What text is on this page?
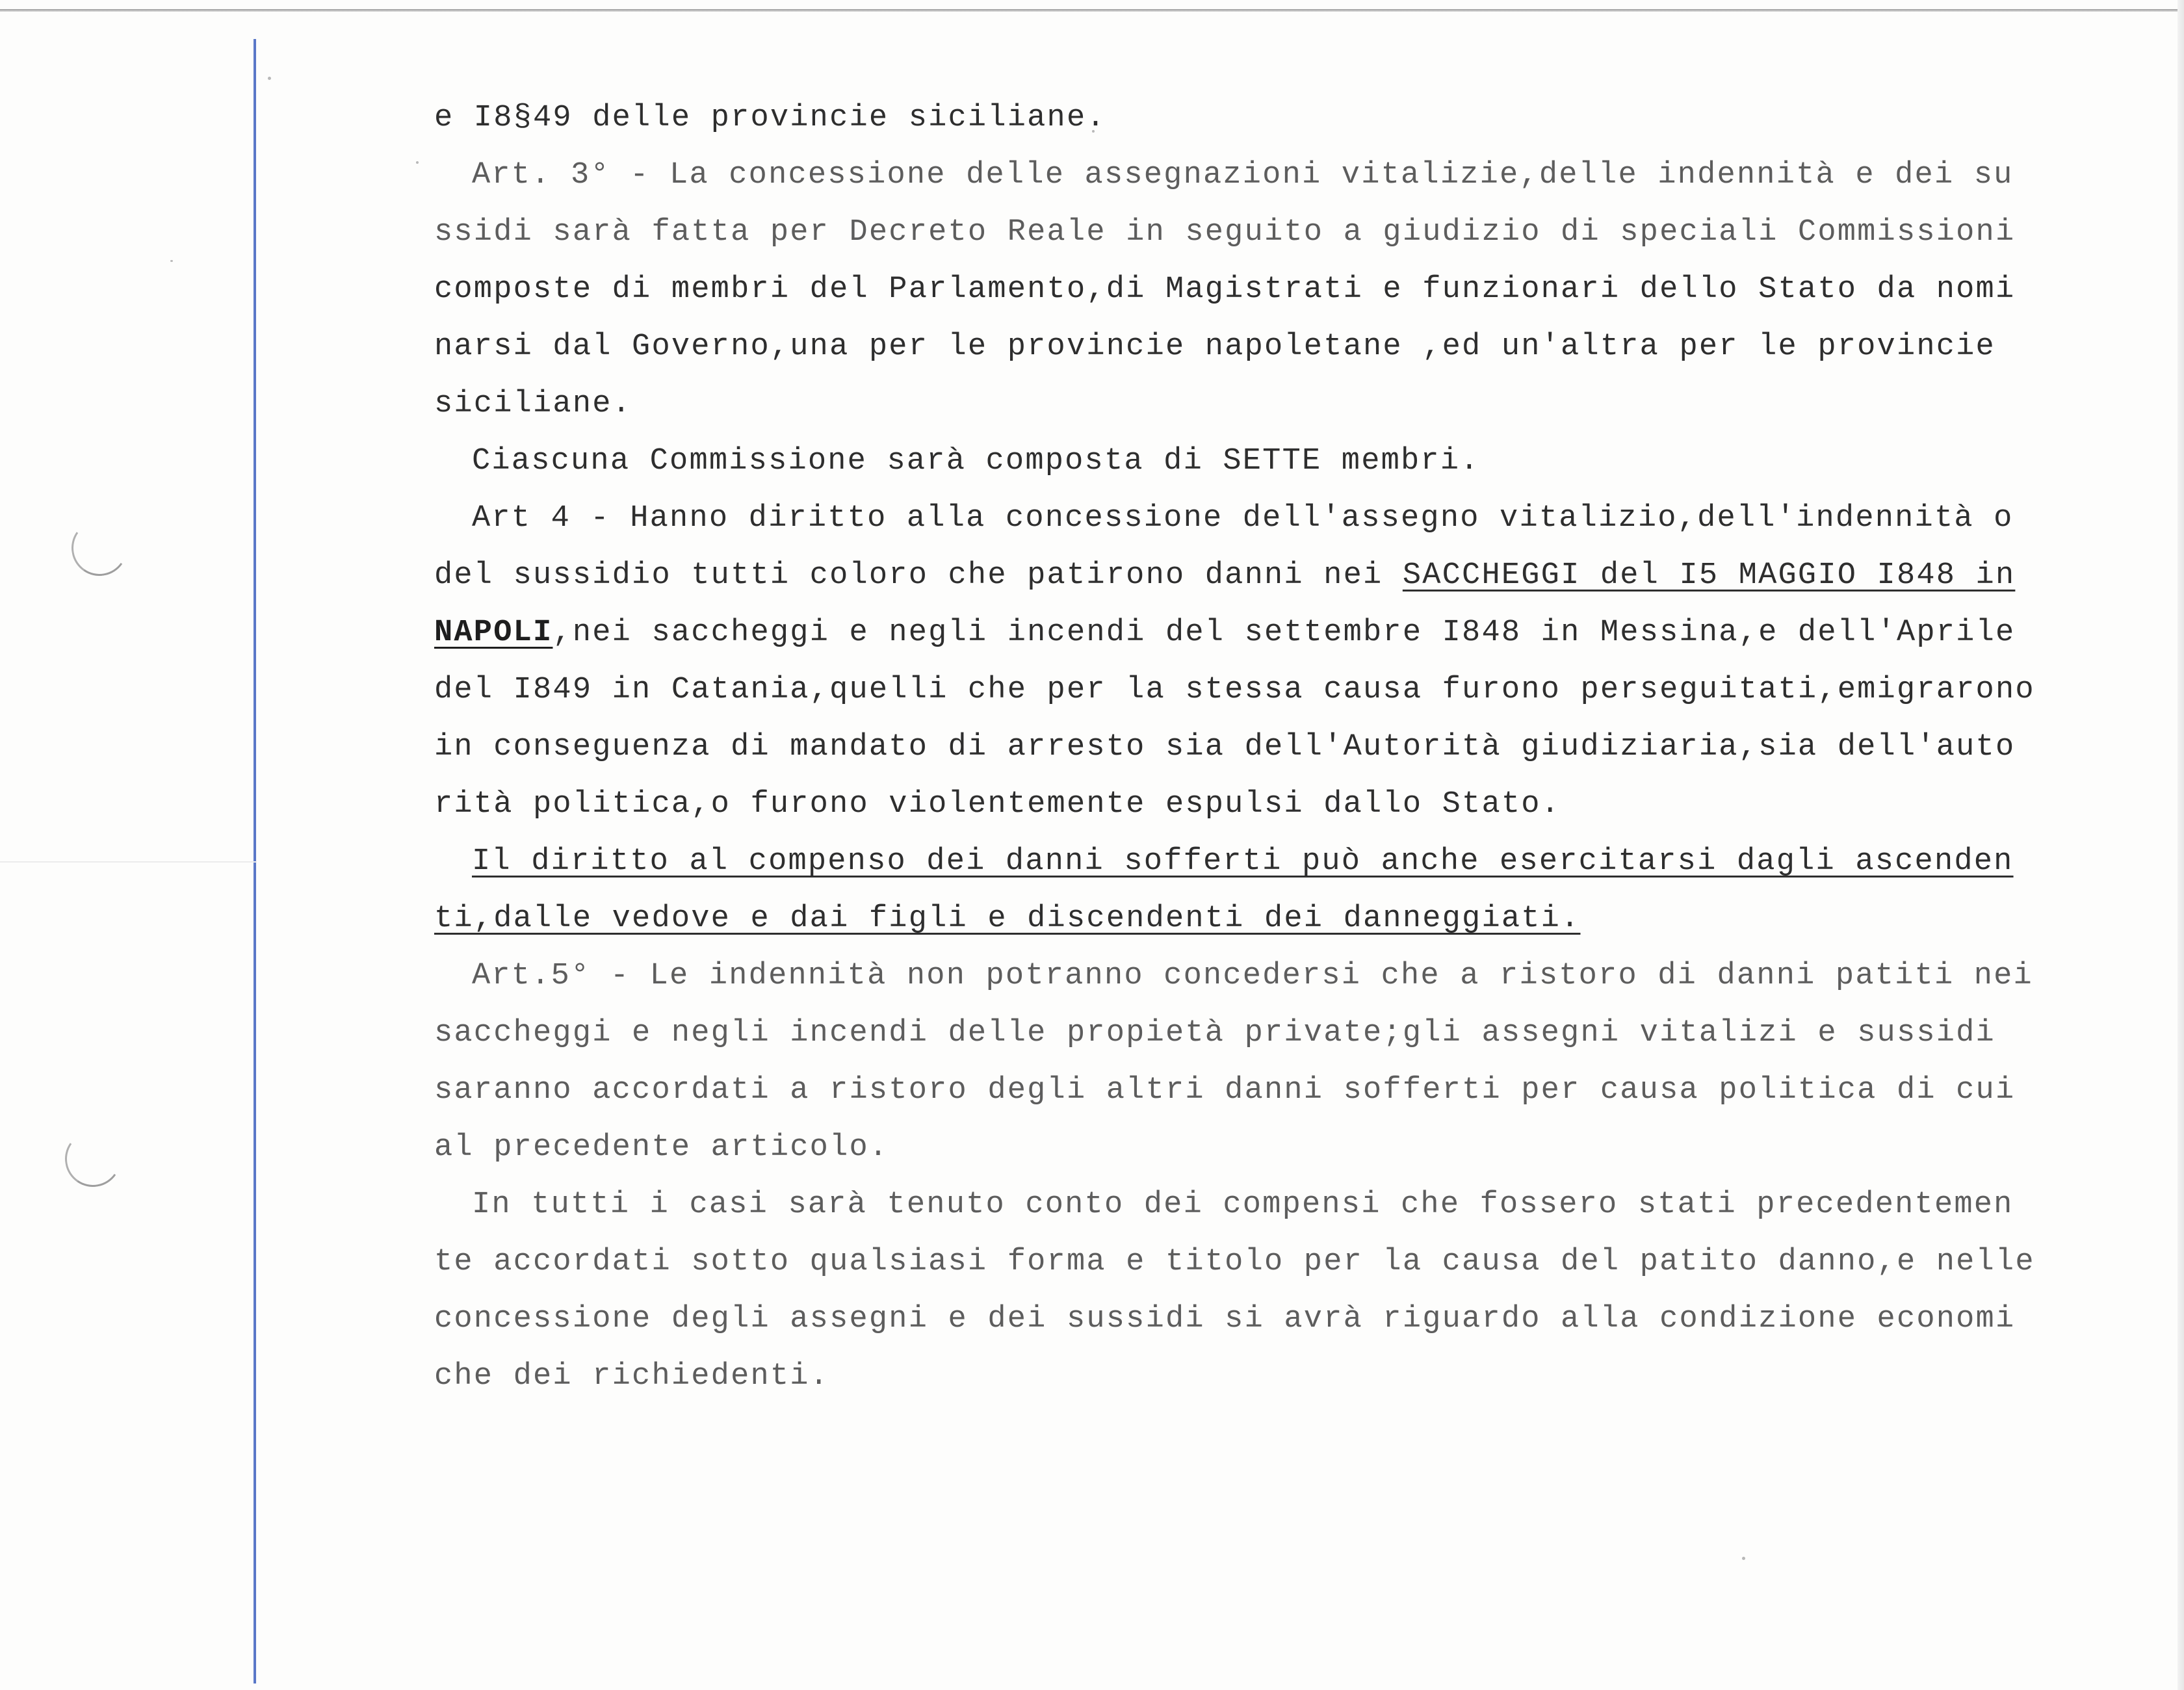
e I8§49 delle provincie siciliane.
Art. 3° - La concessione delle assegnazioni vitalizie,delle indennità e dei su
ssidi sarà fatta per Decreto Reale in seguito a giudizio di speciali Commissioni
composte di membri del Parlamento,di Magistrati e funzionari dello Stato da nomi
narsi dal Governo,una per le provincie napoletane ,ed un'altra per le provincie
siciliane.
Ciascuna Commissione sarà composta di SETTE membri.
Art 4 - Hanno diritto alla concessione dell'assegno vitalizio,dell'indennità o
del sussidio tutti coloro che patirono danni nei SACCHEGGI del I5 MAGGIO I848 in
NAPOLI,nei saccheggi e negli incendi del settembre I848 in Messina,e dell'Aprile
del I849 in Catania,quelli che per la stessa causa furono perseguitati,emigrarono
in conseguenza di mandato di arresto sia dell'Autorità giudiziaria,sia dell'auto
rità politica,o furono violentemente espulsi dallo Stato.
Il diritto al compenso dei danni sofferti può anche esercitarsi dagli ascenden
ti,dalle vedove e dai figli e discendenti dei danneggiati.
Art.5° - Le indennità non potranno concedersi che a ristoro di danni patiti nei
saccheggi e negli incendi delle propietà private;gli assegni vitalizi e sussidi
saranno accordati a ristoro degli altri danni sofferti per causa politica di cui
al precedente articolo.
In tutti i casi sarà tenuto conto dei compensi che fossero stati precedentemen
te accordati sotto qualsiasi forma e titolo per la causa del patito danno,e nelle
concessione degli assegni e dei sussidi si avrà riguardo alla condizione economi
che dei richiedenti.
